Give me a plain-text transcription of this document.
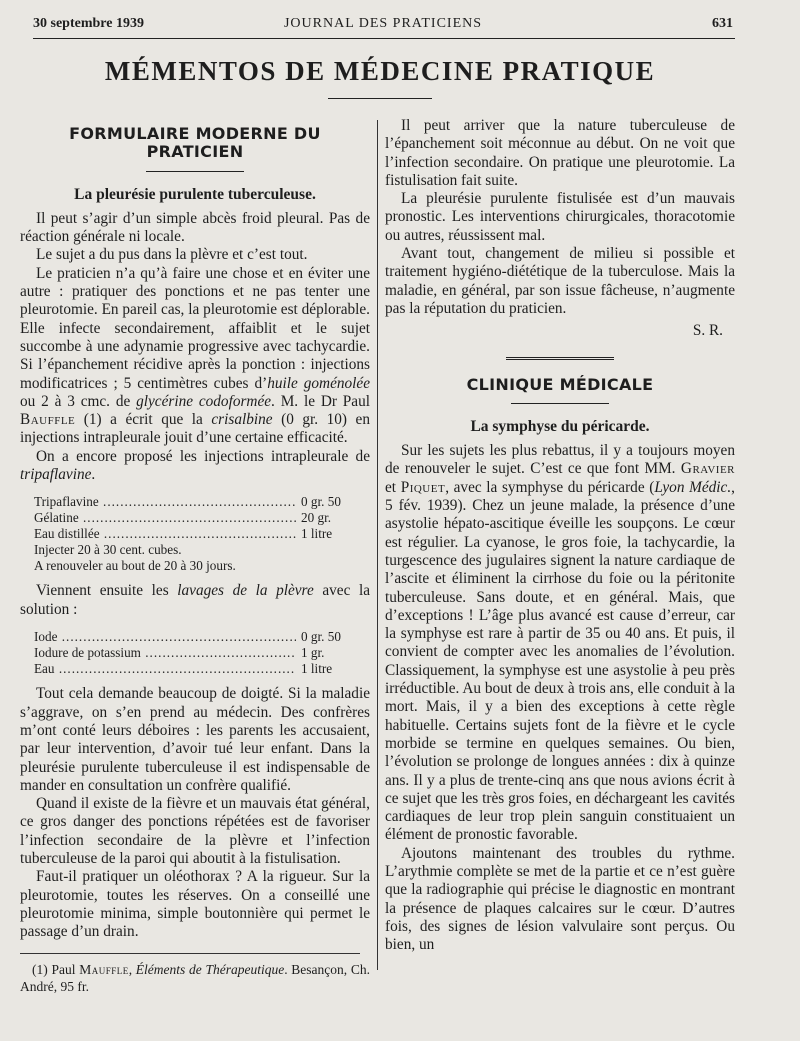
30 septembre 1939	JOURNAL DES PRATICIENS	631
MÉMENTOS DE MÉDECINE PRATIQUE
FORMULAIRE MODERNE DU PRATICIEN
La pleurésie purulente tuberculeuse.

Il peut s’agir d’un simple abcès froid pleural. Pas de réaction générale ni locale.

Le sujet a du pus dans la plèvre et c’est tout.

Le praticien n’a qu’à faire une chose et en éviter une autre : pratiquer des ponctions et ne pas tenter une pleurotomie. En pareil cas, la pleurotomie est déplorable. Elle infecte secondairement, affaiblit et le sujet succombe à une adynamie progressive avec tachycardie. Si l’épanchement récidive après la ponction : injections modificatrices ; 5 centimètres cubes d’huile goménolée ou 2 à 3 cmc. de glycérine codoformée. M. le Dr Paul Bauffle (1) a écrit que la crisalbine (0 gr. 10) en injections intrapleurale jouit d’une certaine efficacité.

On a encore proposé les injections intrapleurale de tripaflavine.

Tripaflavine .....	0 gr. 50
Gélatine .....	20 gr.
Eau distillée .....	1 litre
Injecter 20 à 30 cent. cubes.
A renouveler au bout de 20 à 30 jours.

Viennent ensuite les lavages de la plèvre avec la solution :

Iode .....	0 gr. 50
Iodure de potassium .....	1 gr.
Eau .....	1 litre

Tout cela demande beaucoup de doigté. Si la maladie s’aggrave, on s’en prend au médecin. Des confrères m’ont conté leurs déboires : les parents les accusaient, par leur intervention, d’avoir tué leur enfant. Dans la pleurésie purulente tuberculeuse il est indispensable de mander en consultation un confrère qualifié.

Quand il existe de la fièvre et un mauvais état général, ce gros danger des ponctions répétées est de favoriser l’infection secondaire de la plèvre et l’infection tuberculeuse de la paroi qui aboutit à la fistulisation.

Faut-il pratiquer un oléothorax ? A la rigueur. Sur la pleurotomie, toutes les réserves. On a conseillé une pleurotomie minima, simple boutonnière qui permet le passage d’un drain.

(1) Paul Mauffle, Éléments de Thérapeutique. Besançon, Ch. André, 95 fr.

Il peut arriver que la nature tuberculeuse de l’épanchement soit méconnue au début. On ne voit que l’infection secondaire. On pratique une pleurotomie. La fistulisation fait suite.

La pleurésie purulente fistulisée est d’un mauvais pronostic. Les interventions chirurgicales, thoracotomie ou autres, réussissent mal.

Avant tout, changement de milieu si possible et traitement hygiéno-diététique de la tuberculose. Mais la maladie, en général, par son issue fâcheuse, n’augmente pas la réputation du praticien.

S. R.
CLINIQUE MÉDICALE
La symphyse du péricarde.

Sur les sujets les plus rebattus, il y a toujours moyen de renouveler le sujet. C’est ce que font MM. Gravier et Piquet, avec la symphyse du péricarde (Lyon Médic., 5 fév. 1939). Chez un jeune malade, la présence d’une asystolie hépato-ascitique éveille les soupçons. Le cœur est régulier. La cyanose, le gros foie, la tachycardie, la turgescence des jugulaires signent la nature cardiaque de l’ascite et éliminent la cirrhose du foie ou la péritonite tuberculeuse. Sans doute, et en général. Mais, que d’exceptions ! L’âge plus avancé est cause d’erreur, car la symphyse est rare à partir de 35 ou 40 ans. Et puis, il convient de compter avec les anomalies de l’évolution. Classiquement, la symphyse est une asystolie à peu près irréductible. Au bout de deux à trois ans, elle conduit à la mort. Mais, il y a bien des exceptions à cette règle habituelle. Certains sujets font de la fièvre et le cycle morbide se termine en quelques semaines. Ou bien, l’évolution se prolonge de longues années : dix à quinze ans. Il y a plus de trente-cinq ans que nous avions écrit à ce sujet que les très gros foies, en déchargeant les cavités cardiaques de leur trop plein sanguin constituaient un élément de pronostic favorable.

Ajoutons maintenant des troubles du rythme. L’arythmie complète se met de la partie et ce n’est guère que la radiographie qui précise le diagnostic en montrant la présence de plaques calcaires sur le cœur. D’autres fois, des signes de lésion valvulaire sont perçus. Ou bien, un
